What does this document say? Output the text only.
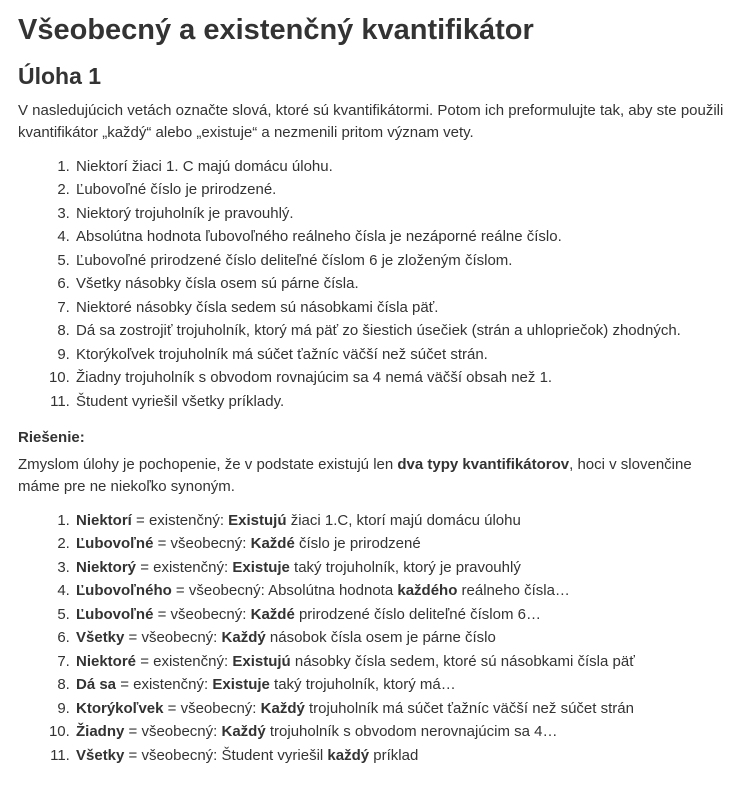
Všeobecný a existenčný kvantifikátor
Úloha 1

V nasledujúcich vetách označte slová, ktoré sú kvantifikátormi. Potom ich preformulujte tak, aby ste použili kvantifikátor „každý“ alebo „existuje“ a nezmenili pritom význam vety.

1. Niektorí žiaci 1. C majú domácu úlohu.
2. Ľubovoľné číslo je prirodzené.
3. Niektorý trojuholník je pravouhlý.
4. Absolútna hodnota ľubovoľného reálneho čísla je nezáporné reálne číslo.
5. Ľubovoľné prirodzené číslo deliteľné číslom 6 je zloženým číslom.
6. Všetky násobky čísla osem sú párne čísla.
7. Niektoré násobky čísla sedem sú násobkami čísla päť.
8. Dá sa zostrojiť trojuholník, ktorý má päť zo šiestich úsečiek (strán a uhlopriečok) zhodných.
9. Ktorýkoľvek trojuholník má súčet ťažníc väčší než súčet strán.
10. Žiadny trojuholník s obvodom rovnajúcim sa 4 nemá väčší obsah než 1.
11. Študent vyriešil všetky príklady.

Riešenie:

Zmyslom úlohy je pochopenie, že v podstate existujú len dva typy kvantifikátorov, hoci v slovenčine máme pre ne niekoľko synoným.

1. Niektorí = existenčný: Existujú žiaci 1.C, ktorí majú domácu úlohu
2. Ľubovoľné = všeobecný: Každé číslo je prirodzené
3. Niektorý = existenčný: Existuje taký trojuholník, ktorý je pravouhlý
4. Ľubovoľného = všeobecný: Absolútna hodnota každého reálneho čísla…
5. Ľubovoľné = všeobecný: Každé prirodzené číslo deliteľné číslom 6…
6. Všetky = všeobecný: Každý násobok čísla osem je párne číslo
7. Niektoré = existenčný: Existujú násobky čísla sedem, ktoré sú násobkami čísla päť
8. Dá sa = existenčný: Existuje taký trojuholník, ktorý má…
9. Ktorýkoľvek = všeobecný: Každý trojuholník má súčet ťažníc väčší než súčet strán
10. Žiadny = všeobecný: Každý trojuholník s obvodom nerovnajúcim sa 4…
11. Všetky = všeobecný: Študent vyriešil každý príklad
